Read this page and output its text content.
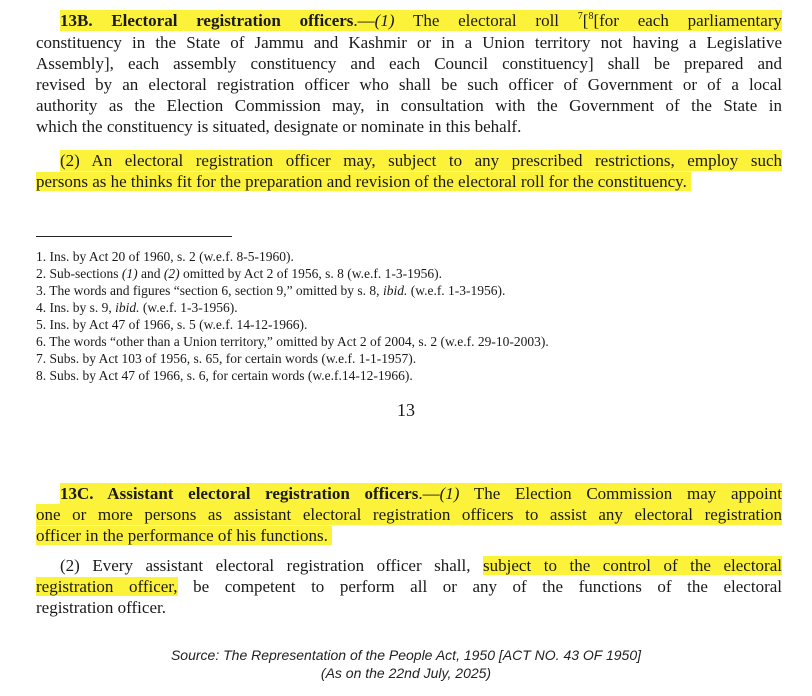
13B. Electoral registration officers.—(1) The electoral roll $^7$[$^8$[for each parliamentary
constituency in the State of Jammu and Kashmir or in a Union territory not having a Legislative
Assembly], each assembly constituency and each Council constituency] shall be prepared and
revised by an electoral registration officer who shall be such officer of Government or of a local
authority as the Election Commission may, in consultation with the Government of the State in
which the constituency is situated, designate or nominate in this behalf.
(2) An electoral registration officer may, subject to any prescribed restrictions, employ such
persons as he thinks fit for the preparation and revision of the electoral roll for the constituency.
1. Ins. by Act 20 of 1960, s. 2 (w.e.f. 8-5-1960).
2. Sub-sections (1) and (2) omitted by Act 2 of 1956, s. 8 (w.e.f. 1-3-1956).
3. The words and figures “section 6, section 9,” omitted by s. 8, ibid. (w.e.f. 1-3-1956).
4. Ins. by s. 9, ibid. (w.e.f. 1-3-1956).
5. Ins. by Act 47 of 1966, s. 5 (w.e.f. 14-12-1966).
6. The words “other than a Union territory,” omitted by Act 2 of 2004, s. 2 (w.e.f. 29-10-2003).
7. Subs. by Act 103 of 1956, s. 65, for certain words (w.e.f. 1-1-1957).
8. Subs. by Act 47 of 1966, s. 6, for certain words (w.e.f.14-12-1966).
13
13C. Assistant electoral registration officers.—(1) The Election Commission may appoint
one or more persons as assistant electoral registration officers to assist any electoral registration
officer in the performance of his functions.
(2) Every assistant electoral registration officer shall, subject to the control of the electoral
registration officer, be competent to perform all or any of the functions of the electoral
registration officer.
Source: The Representation of the People Act, 1950 [ACT NO. 43 OF 1950]
(As on the 22nd July, 2025)
